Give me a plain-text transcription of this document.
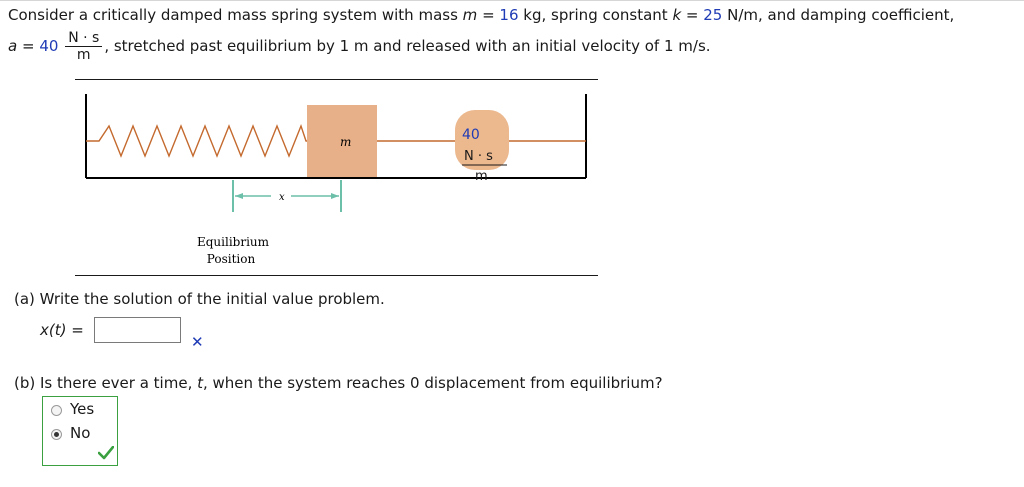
Consider a critically damped mass spring system with mass m = 16 kg, spring constant k = 25 N/m, and damping coefficient,
$a = 40 \frac{N \cdot s}{m}$ , stretched past equilibrium by 1 m and released with an initial velocity of 1 m/s.
m	40
N · s
m
x
Equilibrium
Position
(a) Write the solution of the initial value problem.
x(t) =
✕
(b) Is there ever a time, t, when the system reaches 0 displacement from equilibrium?
Yes
No
